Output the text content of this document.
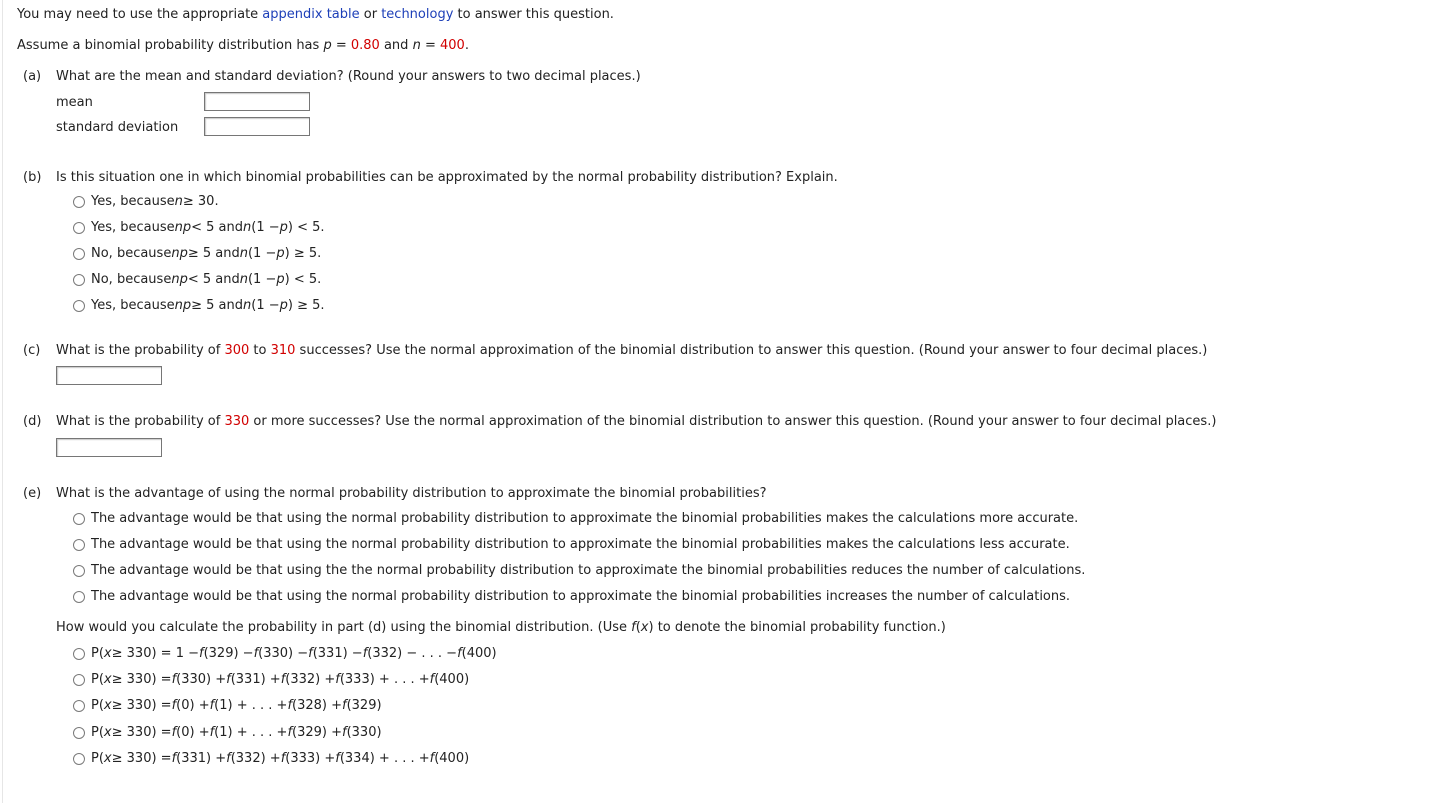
You may need to use the appropriate appendix table or technology to answer this question.
Assume a binomial probability distribution has p = 0.80 and n = 400.
(a) What are the mean and standard deviation? (Round your answers to two decimal places.)
mean
standard deviation
(b) Is this situation one in which binomial probabilities can be approximated by the normal probability distribution? Explain.
Yes, because n ≥ 30.
Yes, because np < 5 and n (1 − p ) < 5.
No, because np ≥ 5 and n (1 − p ) ≥ 5.
No, because np < 5 and n (1 − p ) < 5.
Yes, because np ≥ 5 and n (1 − p ) ≥ 5.
(c) What is the probability of 300 to 310 successes? Use the normal approximation of the binomial distribution to answer this question. (Round your answer to four decimal places.)
(d) What is the probability of 330 or more successes? Use the normal approximation of the binomial distribution to answer this question. (Round your answer to four decimal places.)
(e) What is the advantage of using the normal probability distribution to approximate the binomial probabilities?
The advantage would be that using the normal probability distribution to approximate the binomial probabilities makes the calculations more accurate.
The advantage would be that using the normal probability distribution to approximate the binomial probabilities makes the calculations less accurate.
The advantage would be that using the the normal probability distribution to approximate the binomial probabilities reduces the number of calculations.
The advantage would be that using the normal probability distribution to approximate the binomial probabilities increases the number of calculations.
How would you calculate the probability in part (d) using the binomial distribution. (Use f(x) to denote the binomial probability function.)
P( x ≥ 330) = 1 − f (329) − f (330) − f (331) − f (332) − . . . − f (400)
P( x ≥ 330) = f (330) + f (331) + f (332) + f (333) + . . . + f (400)
P( x ≥ 330) = f (0) + f (1) + . . . + f (328) + f (329)
P( x ≥ 330) = f (0) + f (1) + . . . + f (329) + f (330)
P( x ≥ 330) = f (331) + f (332) + f (333) + f (334) + . . . + f (400)
